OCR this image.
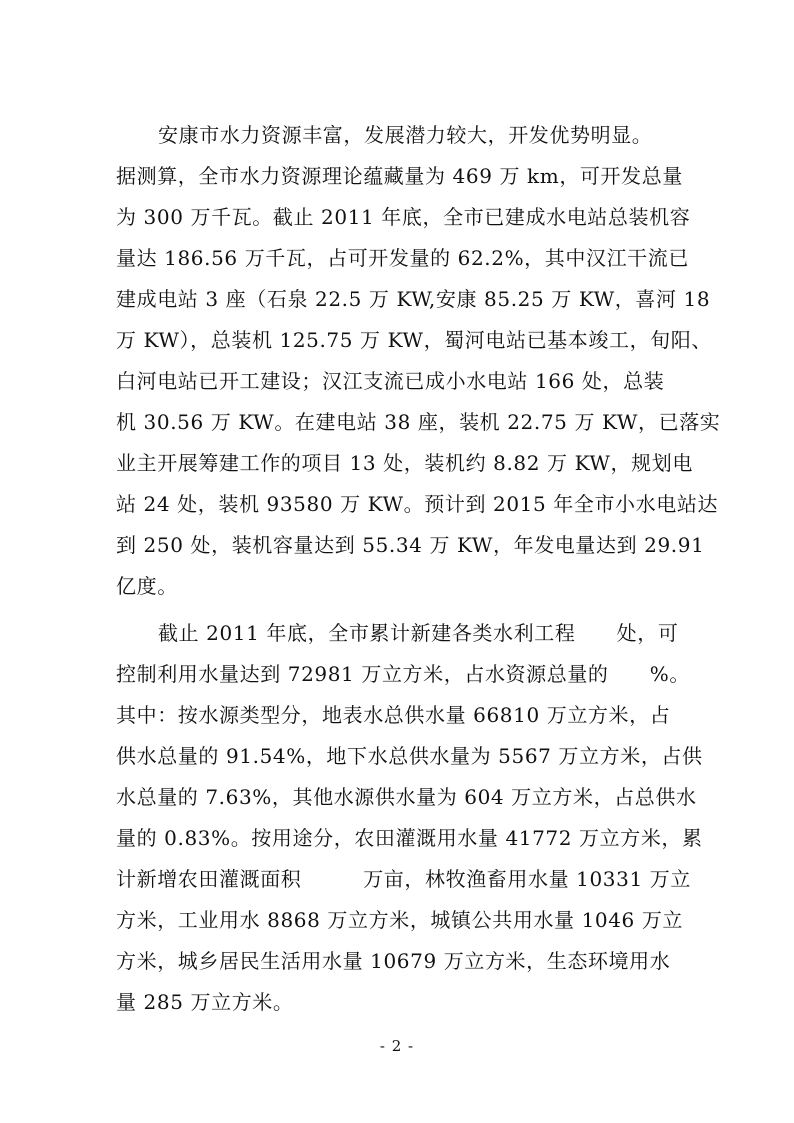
安康市水力资源丰富，发展潜力较大，开发优势明显。
据测算，全市水力资源理论蕴藏量为 469 万 km，可开发总量
为 300 万千瓦。截止 2011 年底，全市已建成水电站总装机容
量达 186.56 万千瓦，占可开发量的 62.2%，其中汉江干流已
建成电站 3 座（石泉 22.5 万 KW,安康 85.25 万 KW，喜河 18
万 KW），总装机 125.75 万 KW，蜀河电站已基本竣工，旬阳、
白河电站已开工建设；汉江支流已成小水电站 166 处，总装
机 30.56 万 KW。在建电站 38 座，装机 22.75 万 KW，已落实
业主开展筹建工作的项目 13 处，装机约 8.82 万 KW，规划电
站 24 处，装机 93580 万 KW。预计到 2015 年全市小水电站达
到 250 处，装机容量达到 55.34 万 KW，年发电量达到 29.91
亿度。
截止 2011 年底，全市累计新建各类水利工程　　处，可
控制利用水量达到 72981 万立方米，占水资源总量的　　%。
其中：按水源类型分，地表水总供水量 66810 万立方米，占
供水总量的 91.54%，地下水总供水量为 5567 万立方米，占供
水总量的 7.63%，其他水源供水量为 604 万立方米，占总供水
量的 0.83%。按用途分，农田灌溉用水量 41772 万立方米，累
计新增农田灌溉面积　　　万亩，林牧渔畜用水量 10331 万立
方米，工业用水 8868 万立方米，城镇公共用水量 1046 万立
方米，城乡居民生活用水量 10679 万立方米，生态环境用水
量 285 万立方米。
- 2 -
